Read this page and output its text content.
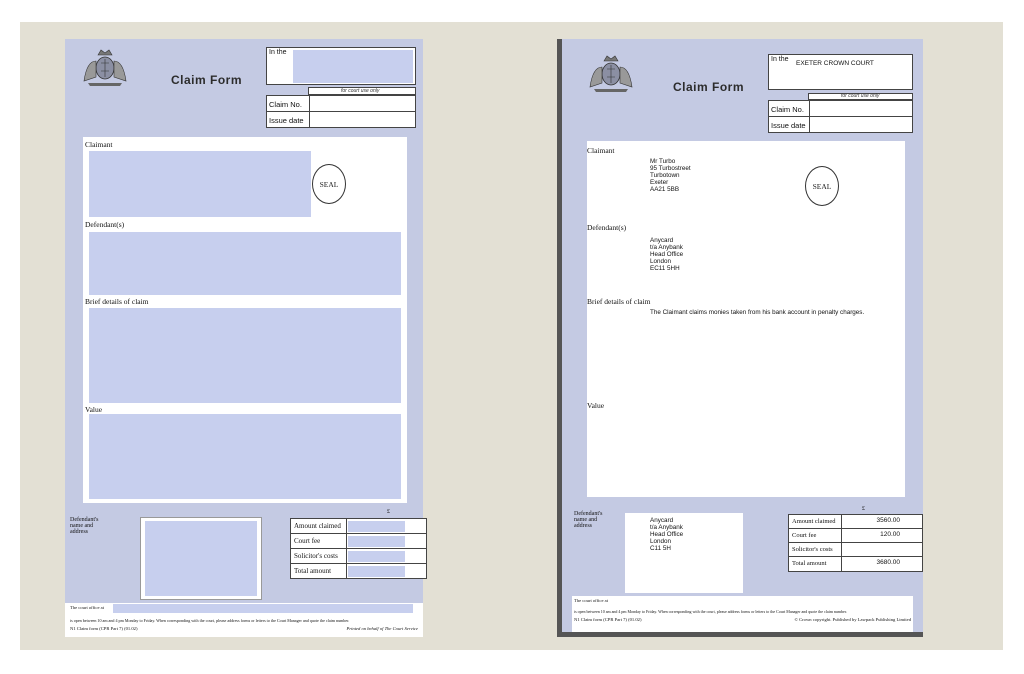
Claim Form
In the
for court use only
Claim No.
Issue date
Claimant
SEAL
Defendant(s)
Brief details of claim
Value
Defendant's
name and
address
£
Amount claimed
Court fee
Solicitor's costs
Total amount
The court office at
is open between 10 am and 4 pm Monday to Friday. When corresponding with the court, please address forms or letters to the Court Manager and quote the claim number.
N1 Claim form (CPR Part 7) (01.02)	Printed on behalf of The Court Service
Claim Form
In the
EXETER CROWN COURT
for court use only
Claim No.
Issue date
Claimant
Mr Turbo
95 Turbostreet
Turbotown
Exeter
AA21 5BB	SEAL
Defendant(s)
Anycard
t/a Anybank
Head Office
London
EC11 5HH
Brief details of claim
The Claimant claims monies taken from his bank account in penalty charges.
Value
Defendant's
name and
address
Anycard
t/a Anybank
Head Office
London
C11 5H
£
Amount claimed	3560.00
Court fee	120.00
Solicitor's costs
Total amount	3680.00
The court office at
is open between 10 am and 4 pm Monday to Friday. When corresponding with the court, please address forms or letters to the Court Manager and quote the claim number.
N1 Claim form (CPR Part 7) (01.02)	© Crown copyright. Published by Lawpack Publishing Limited
